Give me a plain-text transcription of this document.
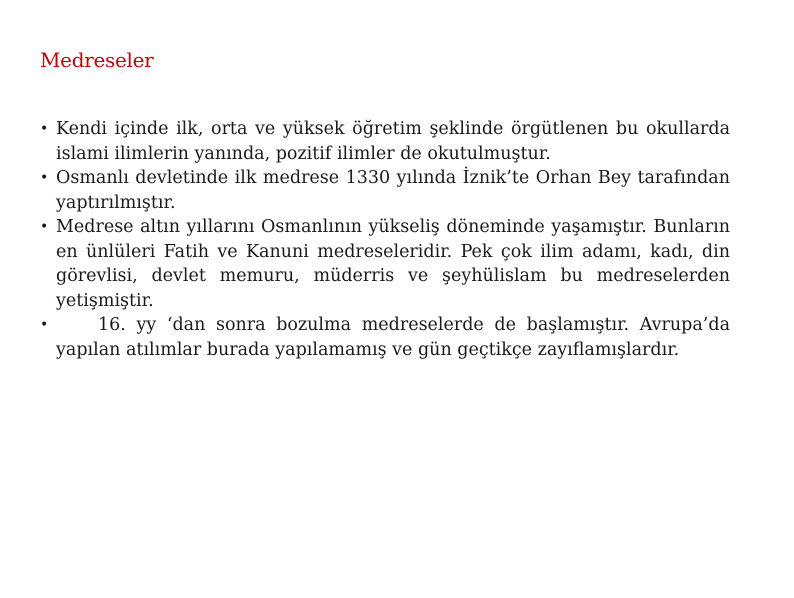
Medreseler
• Kendi içinde ilk, orta ve yüksek öğretim şeklinde örgütlenen bu okullarda islami ilimlerin yanında, pozitif ilimler de okutulmuştur.
• Osmanlı devletinde ilk medrese 1330 yılında İznik’te Orhan Bey tarafından yaptırılmıştır.
• Medrese altın yıllarını Osmanlının yükseliş döneminde yaşamıştır. Bunların en ünlüleri Fatih ve Kanuni medreseleridir. Pek çok ilim adamı, kadı, din görevlisi, devlet memuru, müderris ve şeyhülislam bu medreselerden yetişmiştir.
•	16. yy ‘dan sonra bozulma medreselerde de başlamıştır. Avrupa’da yapılan atılımlar burada yapılamamış ve gün geçtikçe zayıflamışlardır.
